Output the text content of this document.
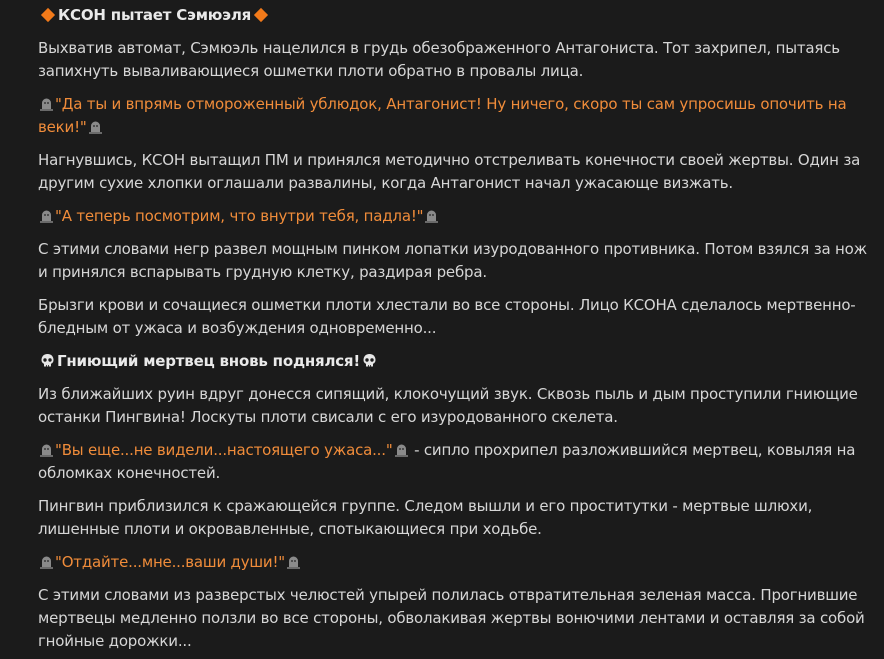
КСОН пытает Сэмюэля

Выхватив автомат, Сэмюэль нацелился в грудь обезображенного Антагониста. Тот захрипел, пытаясь запихнуть вываливающиеся ошметки плоти обратно в провалы лица.

"Да ты и впрямь отмороженный ублюдок, Антагонист! Ну ничего, скоро ты сам упросишь опочить на веки!"

Нагнувшись, КСОН вытащил ПМ и принялся методично отстреливать конечности своей жертвы. Один за другим сухие хлопки оглашали развалины, когда Антагонист начал ужасающе визжать.

"А теперь посмотрим, что внутри тебя, падла!"

С этими словами негр развел мощным пинком лопатки изуродованного противника. Потом взялся за нож и принялся вспарывать грудную клетку, раздирая ребра.

Брызги крови и сочащиеся ошметки плоти хлестали во все стороны. Лицо КСОНА сделалось мертвенно-бледным от ужаса и возбуждения одновременно...

Гниющий мертвец вновь поднялся!

Из ближайших руин вдруг донесся сипящий, клокочущий звук. Сквозь пыль и дым проступили гниющие останки Пингвина! Лоскуты плоти свисали с его изуродованного скелета.

"Вы еще...не видели...настоящего ужаса..."
- сипло прохрипел разложившийся мертвец, ковыляя на обломках конечностей.

Пингвин приблизился к сражающейся группе. Следом вышли и его проститутки - мертвые шлюхи, лишенные плоти и окровавленные, спотыкающиеся при ходьбе.

"Отдайте...мне...ваши души!"

С этими словами из разверстых челюстей упырей полилась отвратительная зеленая масса. Прогнившие мертвецы медленно ползли во все стороны, обволакивая жертвы вонючими лентами и оставляя за собой гнойные дорожки...
